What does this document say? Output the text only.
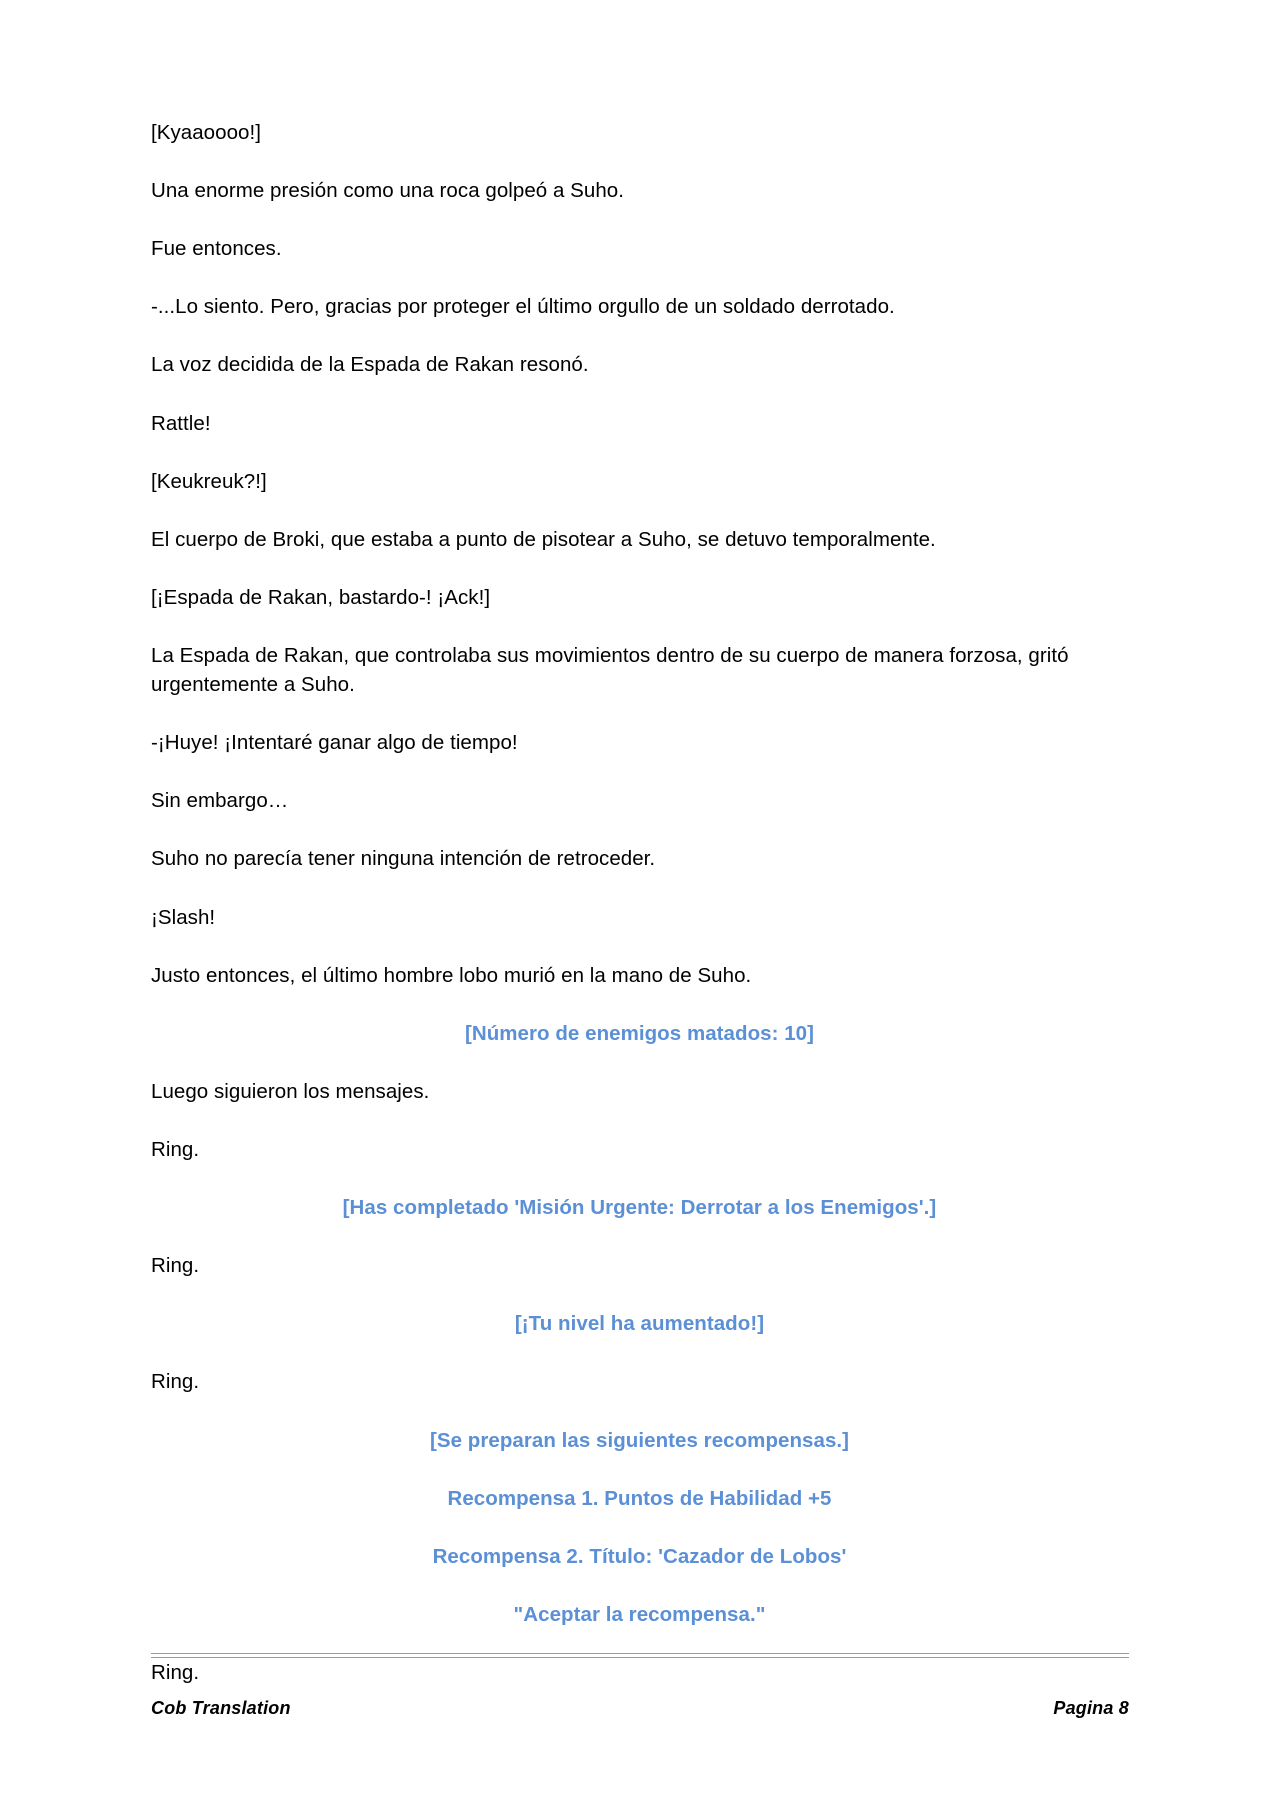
[Kyaaoooo!]

Una enorme presión como una roca golpeó a Suho.

Fue entonces.

-...Lo siento. Pero, gracias por proteger el último orgullo de un soldado derrotado.

La voz decidida de la Espada de Rakan resonó.

Rattle!

[Keukreuk?!]

El cuerpo de Broki, que estaba a punto de pisotear a Suho, se detuvo temporalmente.

[¡Espada de Rakan, bastardo-! ¡Ack!]

La Espada de Rakan, que controlaba sus movimientos dentro de su cuerpo de manera forzosa, gritó urgentemente a Suho.

-¡Huye! ¡Intentaré ganar algo de tiempo!

Sin embargo…

Suho no parecía tener ninguna intención de retroceder.

¡Slash!

Justo entonces, el último hombre lobo murió en la mano de Suho.

[Número de enemigos matados: 10]

Luego siguieron los mensajes.

Ring.

[Has completado 'Misión Urgente: Derrotar a los Enemigos'.]

Ring.

[¡Tu nivel ha aumentado!]

Ring.

[Se preparan las siguientes recompensas.]

Recompensa 1. Puntos de Habilidad +5

Recompensa 2. Título: 'Cazador de Lobos'

"Aceptar la recompensa."

Ring.

Cob Translation	Pagina 8
